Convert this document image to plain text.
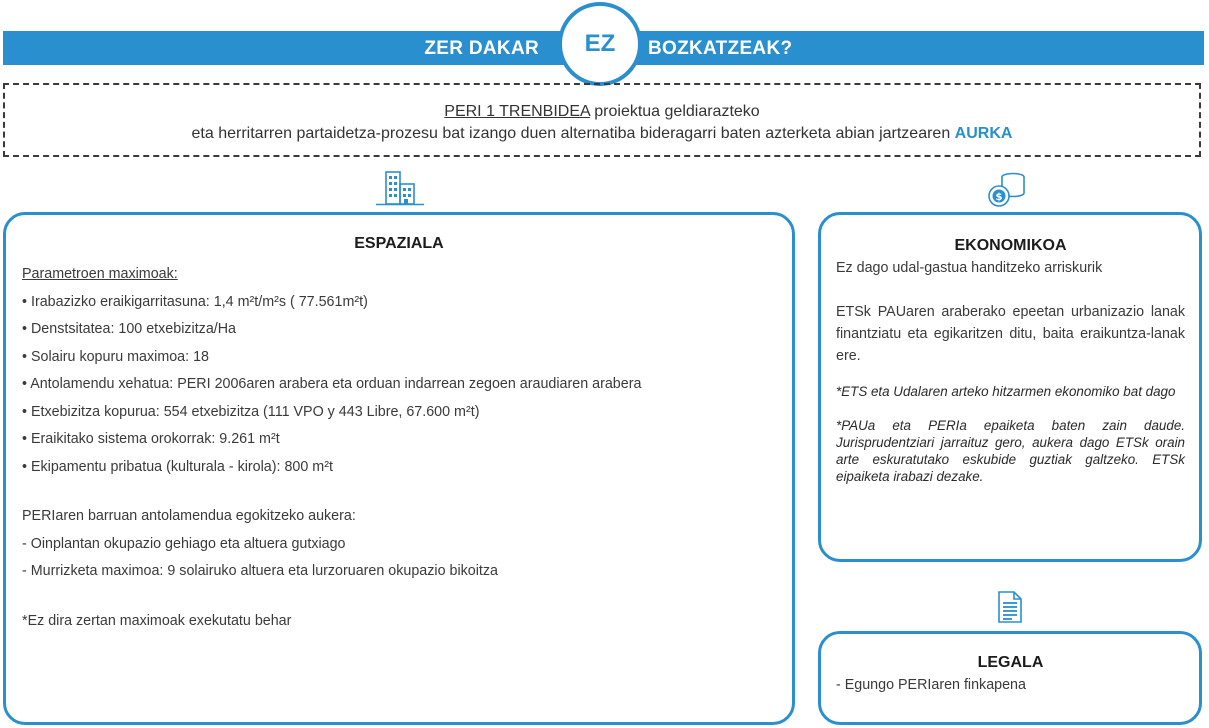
ZER DAKAR	BOZKATZEAK?
EZ
PERI 1 TRENBIDEA proiektua geldiarazteko
eta herritarren partaidetza-prozesu bat izango duen alternatiba bideragarri baten azterketa abian jartzearen AURKA
$
ESPAZIALA

Parametroen maximoak:

• Irabazizko eraikigarritasuna: 1,4 m²t/m²s ( 77.561m²t)

• Denstsitatea: 100 etxebizitza/Ha

• Solairu kopuru maximoa: 18

• Antolamendu xehatua: PERI 2006aren arabera eta orduan indarrean zegoen araudiaren arabera

• Etxebizitza kopurua: 554 etxebizitza (111 VPO y 443 Libre, 67.600 m²t)

• Eraikitako sistema orokorrak: 9.261 m²t

• Ekipamentu pribatua (kulturala - kirola): 800 m²t

PERIaren barruan antolamendua egokitzeko aukera:

- Oinplantan okupazio gehiago eta altuera gutxiago

- Murrizketa maximoa: 9 solairuko altuera eta lurzoruaren okupazio bikoitza

*Ez dira zertan maximoak exekutatu behar

EKONOMIKOA

Ez dago udal-gastua handitzeko arriskurik

ETSk PAUaren araberako epeetan urbanizazio lanak finantziatu eta egikaritzen ditu, baita eraikuntza-lanak ere.

*ETS eta Udalaren arteko hitzarmen ekonomiko bat dago

*PAUa eta PERIa epaiketa baten zain daude. Jurisprudentziari jarraituz gero, aukera dago ETSk orain arte eskuratutako eskubide guztiak galtzeko. ETSk eipaiketa irabazi dezake.

LEGALA

- Egungo PERIaren finkapena
